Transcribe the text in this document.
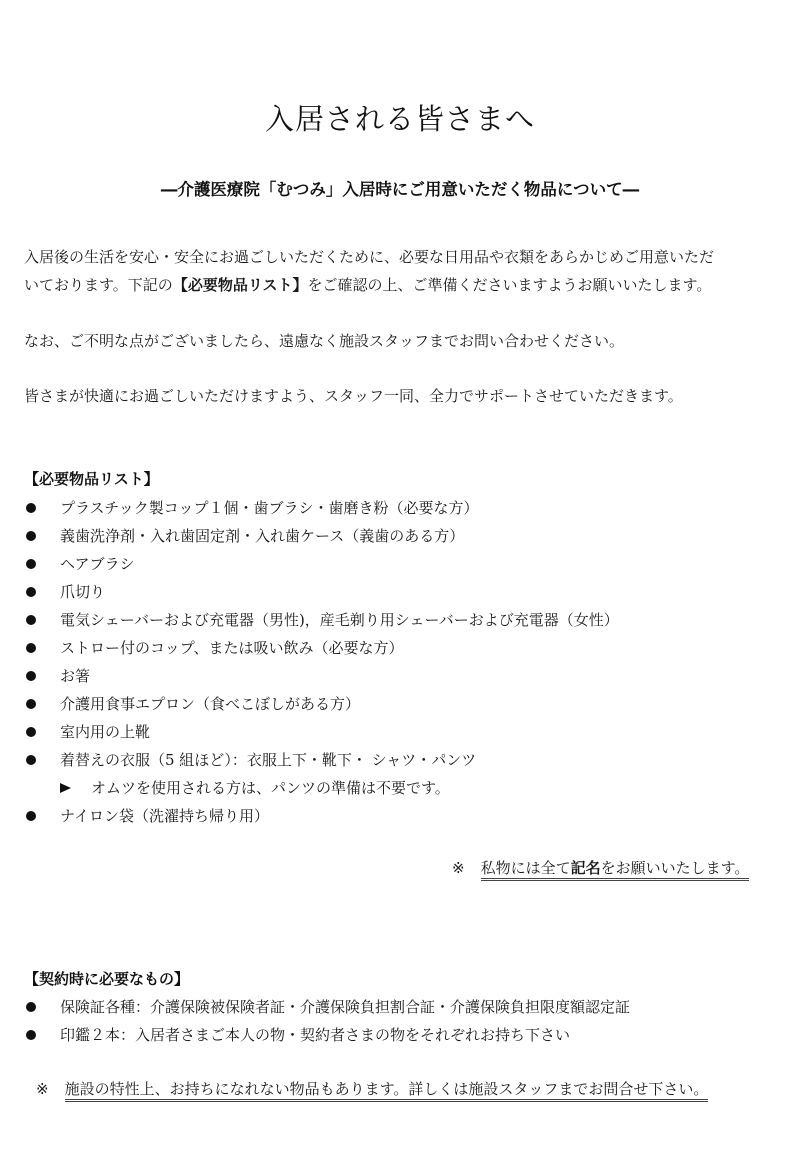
入居される皆さまへ
―介護医療院「むつみ」入居時にご用意いただく物品について―
入居後の生活を安心・安全にお過ごしいただくために、必要な日用品や衣類をあらかじめご用意いただ
いております。下記の【必要物品リスト】をご確認の上、ご準備くださいますようお願いいたします。
なお、ご不明な点がございましたら、遠慮なく施設スタッフまでお問い合わせください。
皆さまが快適にお過ごしいただけますよう、スタッフ一同、全力でサポートさせていただきます。
【必要物品リスト】
プラスチック製コップ１個・歯ブラシ・歯磨き粉（必要な方）
義歯洗浄剤・入れ歯固定剤・入れ歯ケース（義歯のある方）
ヘアブラシ
爪切り
電気シェーバーおよび充電器（男性)，産毛剃り用シェーバーおよび充電器（女性）
ストロー付のコップ、または吸い飲み（必要な方）
お箸
介護用食事エプロン（食べこぼしがある方）
室内用の上靴
着替えの衣服（5 組ほど）：衣服上下・靴下・ シャツ・パンツ
オムツを使用される方は、パンツの準備は不要です。
ナイロン袋（洗濯持ち帰り用）
※ 私物には全て記名をお願いいたします。
【契約時に必要なもの】
保険証各種：介護保険被保険者証・介護保険負担割合証・介護保険負担限度額認定証
印鑑２本：入居者さまご本人の物・契約者さまの物をそれぞれお持ち下さい
※ 施設の特性上、お持ちになれない物品もあります。詳しくは施設スタッフまでお問合せ下さい。
